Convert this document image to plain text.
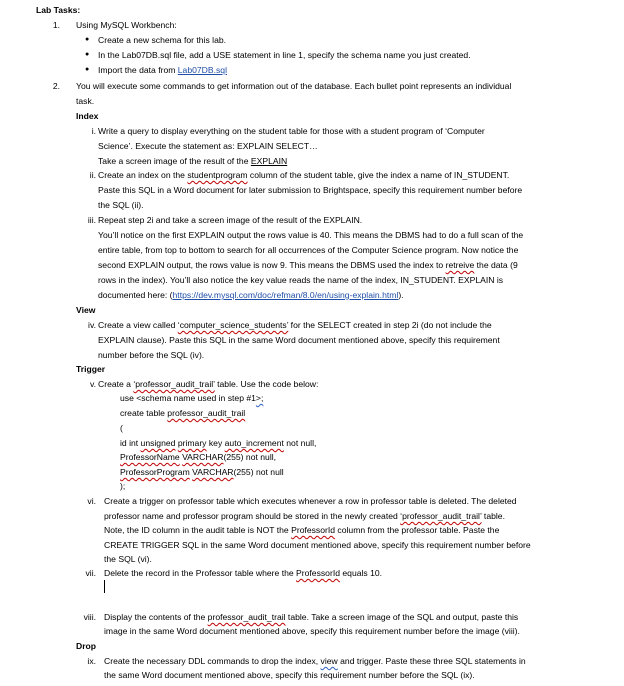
Lab Tasks:
1. Using MySQL Workbench:
● Create a new schema for this lab.
● In the Lab07DB.sql file, add a USE statement in line 1, specify the schema name you just created.
● Import the data from Lab07DB.sql
2. You will execute some commands to get information out of the database. Each bullet point represents an individual
task.
Index
i. Write a query to display everything on the student table for those with a student program of ‘Computer
Science’. Execute the statement as: EXPLAIN SELECT…
Take a screen image of the result of the EXPLAIN
ii. Create an index on the studentprogram column of the student table, give the index a name of IN_STUDENT.
Paste this SQL in a Word document for later submission to Brightspace, specify this requirement number before
the SQL (ii).
iii. Repeat step 2i and take a screen image of the result of the EXPLAIN.
You’ll notice on the first EXPLAIN output the rows value is 40. This means the DBMS had to do a full scan of the
entire table, from top to bottom to search for all occurrences of the Computer Science program. Now notice the
second EXPLAIN output, the rows value is now 9. This means the DBMS used the index to retreive the data (9
rows in the index). You’ll also notice the key value reads the name of the index, IN_STUDENT. EXPLAIN is
documented here: (https://dev.mysql.com/doc/refman/8.0/en/using-explain.html).
View
iv. Create a view called ‘computer_science_students’ for the SELECT created in step 2i (do not include the
EXPLAIN clause). Paste this SQL in the same Word document mentioned above, specify this requirement
number before the SQL (iv).
Trigger
v. Create a ‘professor_audit_trail’ table. Use the code below:
use <schema name used in step #1>;
create table professor_audit_trail
(
id int unsigned primary key auto_increment not null,
ProfessorName VARCHAR(255) not null,
ProfessorProgram VARCHAR(255) not null
);
vi. Create a trigger on professor table which executes whenever a row in professor table is deleted. The deleted
professor name and professor program should be stored in the newly created ‘professor_audit_trail’ table.
Note, the ID column in the audit table is NOT the ProfessorId column from the professor table. Paste the
CREATE TRIGGER SQL in the same Word document mentioned above, specify this requirement number before
the SQL (vi).
vii. Delete the record in the Professor table where the ProfessorId equals 10.
viii. Display the contents of the professor_audit_trail table. Take a screen image of the SQL and output, paste this
image in the same Word document mentioned above, specify this requirement number before the image (viii).
Drop
ix. Create the necessary DDL commands to drop the index, view and trigger. Paste these three SQL statements in
the same Word document mentioned above, specify this requirement number before the SQL (ix).
